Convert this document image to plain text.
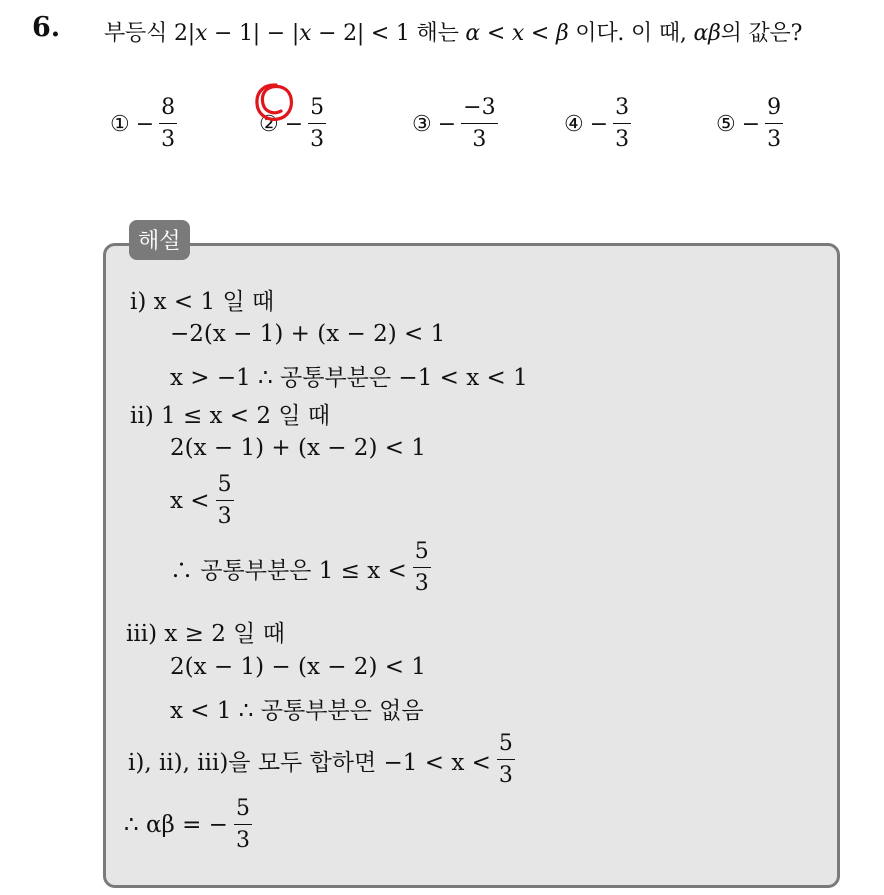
6. 부등식 2|x − 1| − |x − 2| < 1 해는 α < x < β 이다. 이 때, αβ의 값은?
① − $\frac{8}{3}$	② − $\frac{5}{3}$	③ − $\frac{-3}{3}$	④ − $\frac{3}{3}$	⑤ − $\frac{9}{3}$
해설
ⅰ) x < 1 일 때
−2(x − 1) + (x − 2) < 1
x > −1 ∴ 공통부분은 −1 < x < 1
ⅱ) 1 ≤ x < 2 일 때
2(x − 1) + (x − 2) < 1
$x < \frac{5}{3}$
∴ 공통부분은 $1 \le x < \frac{5}{3}$
ⅲ) x ≥ 2 일 때
2(x − 1) − (x − 2) < 1
x < 1 ∴ 공통부분은 없음
ⅰ), ⅱ), ⅲ)을 모두 합하면 $-1 < x < \frac{5}{3}$
∴ αβ = − $\frac{5}{3}$
